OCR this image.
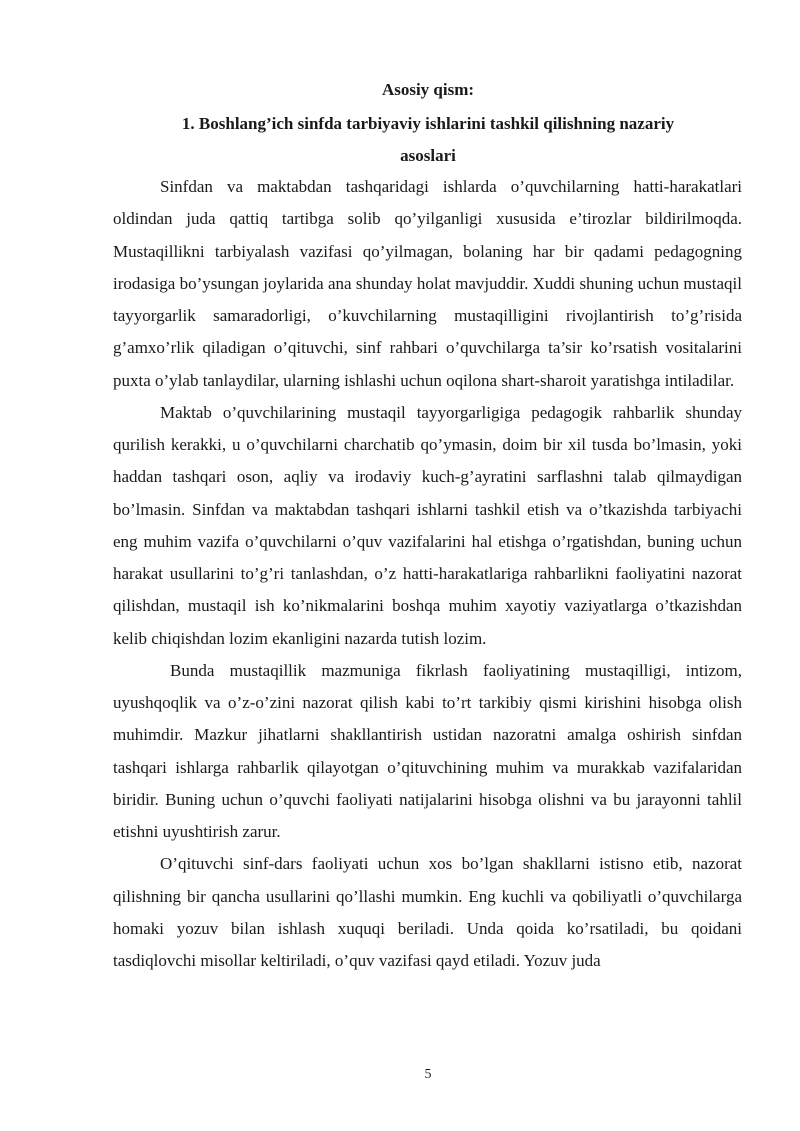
Asosiy qism:
1. Boshlang’ich sinfda tarbiyaviy ishlarini tashkil qilishning nazariy
asoslari

Sinfdan va maktabdan tashqaridagi ishlarda o’quvchilarning hatti-harakatlari oldindan juda qattiq tartibga solib qo’yilganligi xususida e’tirozlar bildirilmoqda. Mustaqillikni tarbiyalash vazifasi qo’yilmagan, bolaning har bir qadami pedagogning irodasiga bo’ysungan joylarida ana shunday holat mavjuddir. Xuddi shuning uchun mustaqil tayyorgarlik samaradorligi, o’kuvchilarning mustaqilligini rivojlantirish to’g’risida g’amxo’rlik qiladigan o’qituvchi, sinf rahbari o’quvchilarga ta’sir ko’rsatish vositalarini puxta o’ylab tanlaydilar, ularning ishlashi uchun oqilona shart-sharoit yaratishga intiladilar.

Maktab o’quvchilarining mustaqil tayyorgarligiga pedagogik rahbarlik shunday qurilish kerakki, u o’quvchilarni charchatib qo’ymasin, doim bir xil tusda bo’lmasin, yoki haddan tashqari oson, aqliy va irodaviy kuch-g’ayratini sarflashni talab qilmaydigan bo’lmasin. Sinfdan va maktabdan tashqari ishlarni tashkil etish va o’tkazishda tarbiyachi eng muhim vazifa o’quvchilarni o’quv vazifalarini hal etishga o’rgatishdan, buning uchun harakat usullarini to’g’ri tanlashdan, o’z hatti-harakatlariga rahbarlikni faoliyatini nazorat qilishdan, mustaqil ish ko’nikmalarini boshqa muhim xayotiy vaziyatlarga o’tkazishdan kelib chiqishdan lozim ekanligini nazarda tutish lozim.

Bunda mustaqillik mazmuniga fikrlash faoliyatining mustaqilligi, intizom, uyushqoqlik va o’z-o’zini nazorat qilish kabi to’rt tarkibiy qismi kirishini hisobga olish muhimdir. Mazkur jihatlarni shakllantirish ustidan nazoratni amalga oshirish sinfdan tashqari ishlarga rahbarlik qilayotgan o’qituvchining muhim va murakkab vazifalaridan biridir. Buning uchun o’quvchi faoliyati natijalarini hisobga olishni va bu jarayonni tahlil etishni uyushtirish zarur.

O’qituvchi sinf-dars faoliyati uchun xos bo’lgan shakllarni istisno etib, nazorat qilishning bir qancha usullarini qo’llashi mumkin. Eng kuchli va qobiliyatli o’quvchilarga homaki yozuv bilan ishlash xuquqi beriladi. Unda qoida ko’rsatiladi, bu qoidani tasdiqlovchi misollar keltiriladi, o’quv vazifasi qayd etiladi. Yozuv juda

5
